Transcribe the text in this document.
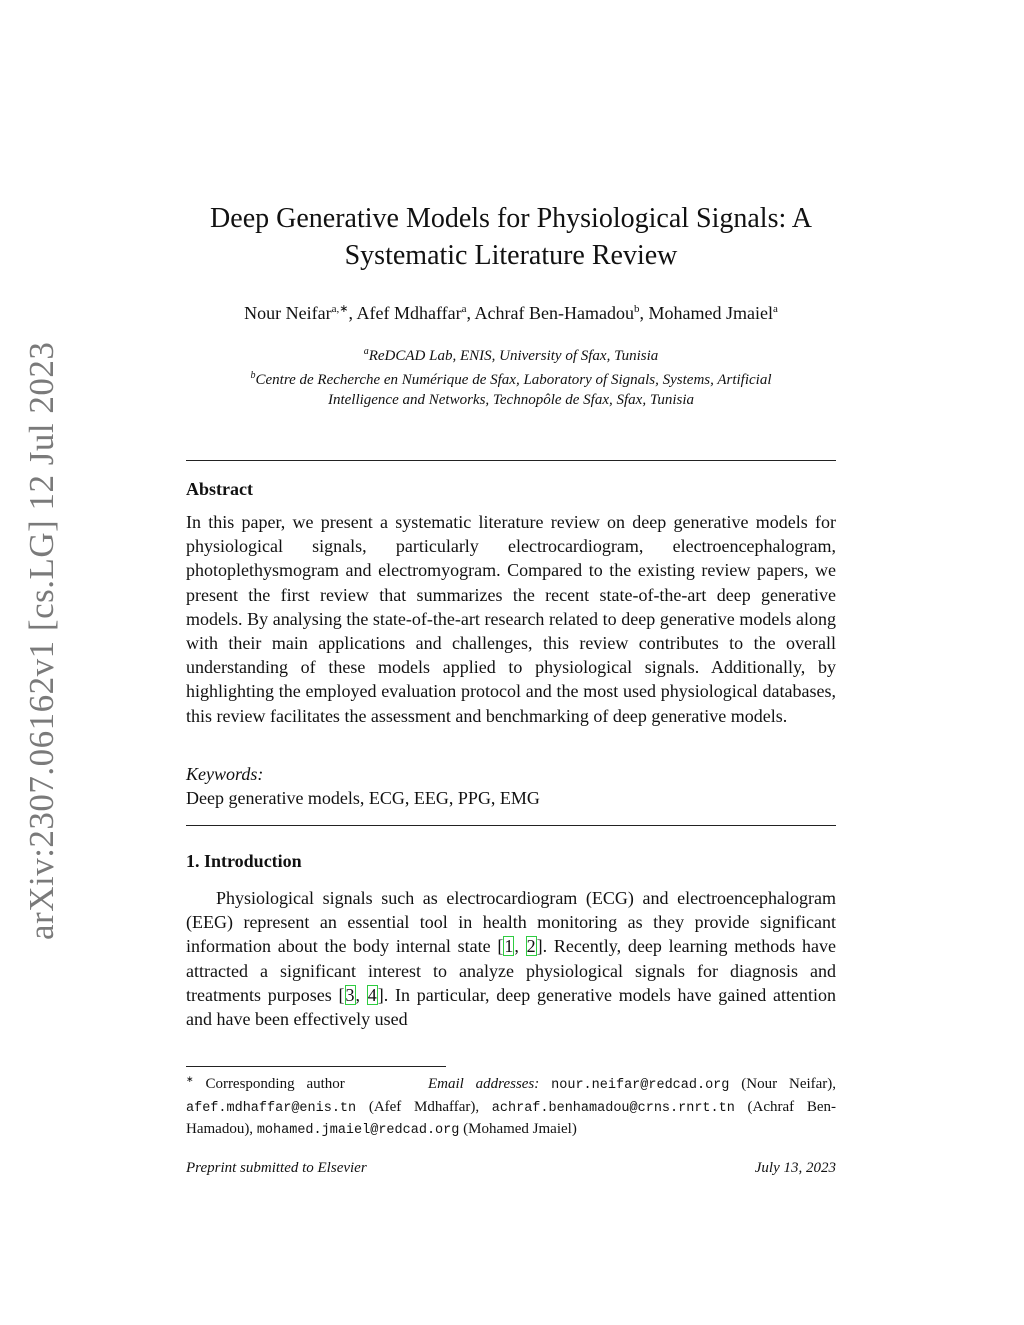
arXiv:2307.06162v1 [cs.LG] 12 Jul 2023
Deep Generative Models for Physiological Signals: A
Systematic Literature Review
Nour Neifar$^{a,∗}$, Afef Mdhaffar$^a$, Achraf Ben-Hamadou$^b$, Mohamed Jmaiel$^a$
$^a$ReDCAD Lab, ENIS, University of Sfax, Tunisia
$^b$Centre de Recherche en Numérique de Sfax, Laboratory of Signals, Systems, Artificial
Intelligence and Networks, Technopôle de Sfax, Sfax, Tunisia
Abstract
In this paper, we present a systematic literature review on deep generative models for physiological signals, particularly electrocardiogram, electroencephalogram, photoplethysmogram and electromyogram. Compared to the existing review papers, we present the first review that summarizes the recent state-of-the-art deep generative models. By analysing the state-of-the-art research related to deep generative models along with their main applications and challenges, this review contributes to the overall understanding of these models applied to physiological signals. Additionally, by highlighting the employed evaluation protocol and the most used physiological databases, this review facilitates the assessment and benchmarking of deep generative models.
Keywords:
Deep generative models, ECG, EEG, PPG, EMG
1. Introduction
Physiological signals such as electrocardiogram (ECG) and electroencephalogram (EEG) represent an essential tool in health monitoring as they provide significant information about the body internal state [1, 2]. Recently, deep learning methods have attracted a significant interest to analyze physiological signals for diagnosis and treatments purposes [3, 4]. In particular, deep generative models have gained attention and have been effectively used
∗ Corresponding author	Email addresses: nour.neifar@redcad.org (Nour Neifar), afef.mdhaffar@enis.tn (Afef Mdhaffar), achraf.benhamadou@crns.rnrt.tn (Achraf Ben-Hamadou), mohamed.jmaiel@redcad.org (Mohamed Jmaiel)
Preprint submitted to Elsevier	July 13, 2023
